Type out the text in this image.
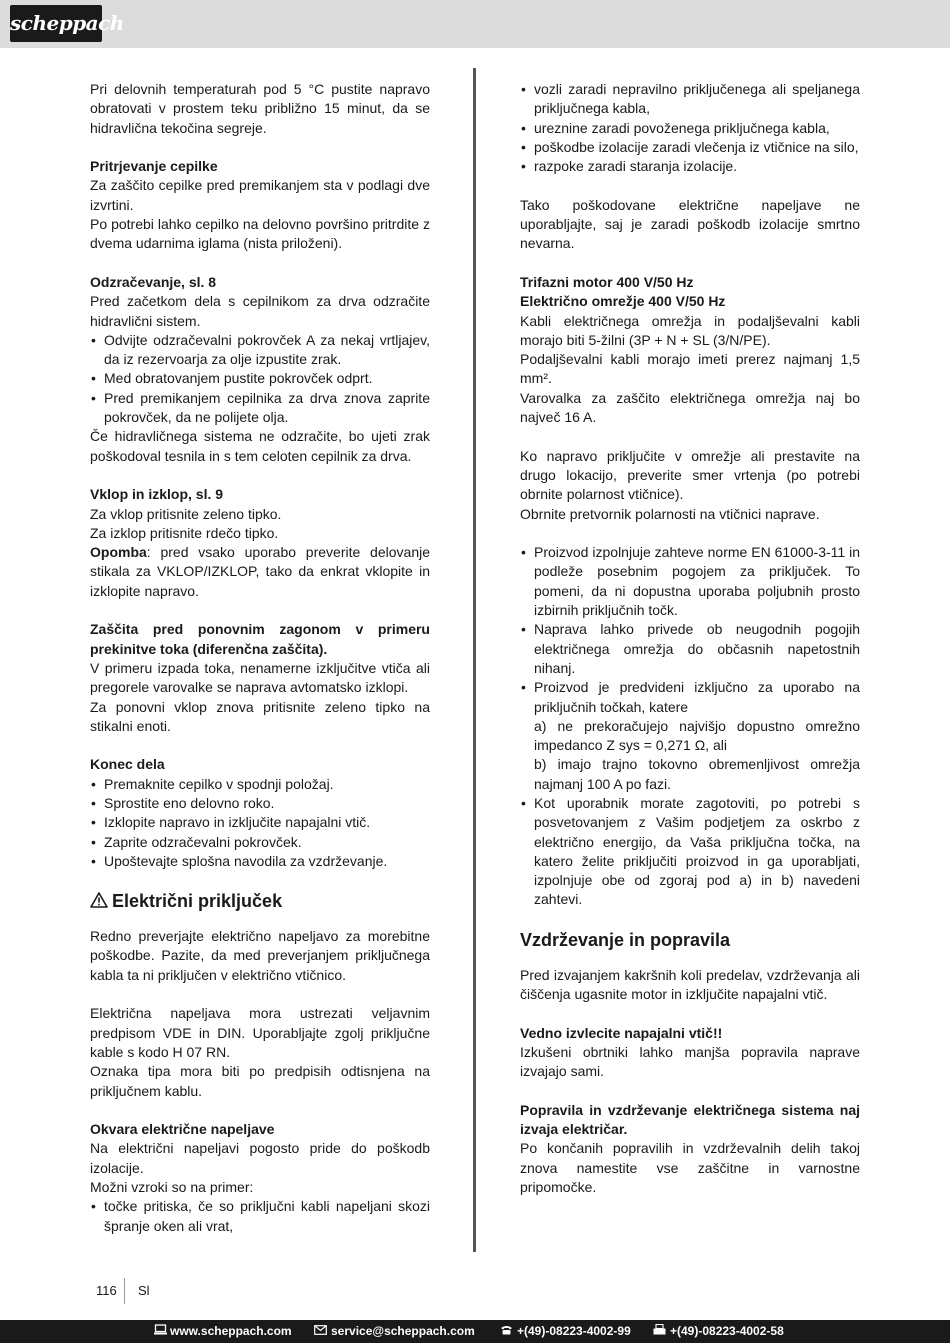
scheppach

Pri delovnih temperaturah pod 5 °C pustite napravo obratovati v prostem teku približno 15 minut, da se hidravlična tekočina segreje.

Pritrjevanje cepilke

Za zaščito cepilke pred premikanjem sta v podlagi dve izvrtini.

Po potrebi lahko cepilko na delovno površino pritrdite z dvema udarnima iglama (nista priloženi).

Odzračevanje, sl. 8

Pred začetkom dela s cepilnikom za drva odzračite hidravlični sistem.

• Odvijte odzračevalni pokrovček A za nekaj vrtljajev, da iz rezervoarja za olje izpustite zrak.
• Med obratovanjem pustite pokrovček odprt.
• Pred premikanjem cepilnika za drva znova zaprite pokrovček, da ne polijete olja.

Če hidravličnega sistema ne odzračite, bo ujeti zrak poškodoval tesnila in s tem celoten cepilnik za drva.

Vklop in izklop, sl. 9

Za vklop pritisnite zeleno tipko.

Za izklop pritisnite rdečo tipko.

Opomba: pred vsako uporabo preverite delovanje stikala za VKLOP/IZKLOP, tako da enkrat vklopite in izklopite napravo.

Zaščita pred ponovnim zagonom v primeru prekinitve toka (diferenčna zaščita).

V primeru izpada toka, nenamerne izključitve vtiča ali pregorele varovalke se naprava avtomatsko izklopi.

Za ponovni vklop znova pritisnite zeleno tipko na stikalni enoti.

Konec dela

• Premaknite cepilko v spodnji položaj.
• Sprostite eno delovno roko.
• Izklopite napravo in izključite napajalni vtič.
• Zaprite odzračevalni pokrovček.
• Upoštevajte splošna navodila za vzdrževanje.
Električni priključek

Redno preverjajte električno napeljavo za morebitne poškodbe. Pazite, da med preverjanjem priključnega kabla ta ni priključen v električno vtičnico.

Električna napeljava mora ustrezati veljavnim predpisom VDE in DIN. Uporabljajte zgolj priključne kable s kodo H 07 RN.

Oznaka tipa mora biti po predpisih odtisnjena na priključnem kablu.

Okvara električne napeljave

Na električni napeljavi pogosto pride do poškodb izolacije.

Možni vzroki so na primer:

• točke pritiska, če so priključni kabli napeljani skozi špranje oken ali vrat,
• vozli zaradi nepravilno priključenega ali speljanega priključnega kabla,
• ureznine zaradi povoženega priključnega kabla,
• poškodbe izolacije zaradi vlečenja iz vtičnice na silo,
• razpoke zaradi staranja izolacije.

Tako poškodovane električne napeljave ne uporabljajte, saj je zaradi poškodb izolacije smrtno nevarna.

Trifazni motor 400 V/50 Hz

Električno omrežje 400 V/50 Hz

Kabli električnega omrežja in podaljševalni kabli morajo biti 5-žilni (3P + N + SL (3/N/PE).

Podaljševalni kabli morajo imeti prerez najmanj 1,5 mm².

Varovalka za zaščito električnega omrežja naj bo največ 16 A.

Ko napravo priključite v omrežje ali prestavite na drugo lokacijo, preverite smer vrtenja (po potrebi obrnite polarnost vtičnice).

Obrnite pretvornik polarnosti na vtičnici naprave.

• Proizvod izpolnjuje zahteve norme EN 61000-3-11 in podleže posebnim pogojem za priključek. To pomeni, da ni dopustna uporaba poljubnih prosto izbirnih priključnih točk.
• Naprava lahko privede ob neugodnih pogojih električnega omrežja do občasnih napetostnih nihanj.
• Proizvod je predvideni izključno za uporabo na priključnih točkah, katere
a) ne prekoračujejo najvišjo dopustno omrežno impedanco Z sys = 0,271 Ω, ali
b) imajo trajno tokovno obremenljivost omrežja najmanj 100 A po fazi.
• Kot uporabnik morate zagotoviti, po potrebi s posvetovanjem z Vašim podjetjem za oskrbo z električno energijo, da Vaša priključna točka, na katero želite priključiti proizvod in ga uporabljati, izpolnjuje obe od zgoraj pod a) in b) navedeni zahtevi.
Vzdrževanje in popravila

Pred izvajanjem kakršnih koli predelav, vzdrževanja ali čiščenja ugasnite motor in izključite napajalni vtič.

Vedno izvlecite napajalni vtič!!

Izkušeni obrtniki lahko manjša popravila naprave izvajajo sami.

Popravila in vzdrževanje električnega sistema naj izvaja električar.

Po končanih popravilih in vzdrževalnih delih takoj znova namestite vse zaščitne in varnostne pripomočke.

116 Sl
www.scheppach.com	service@scheppach.com	+(49)-08223-4002-99	+(49)-08223-4002-58
